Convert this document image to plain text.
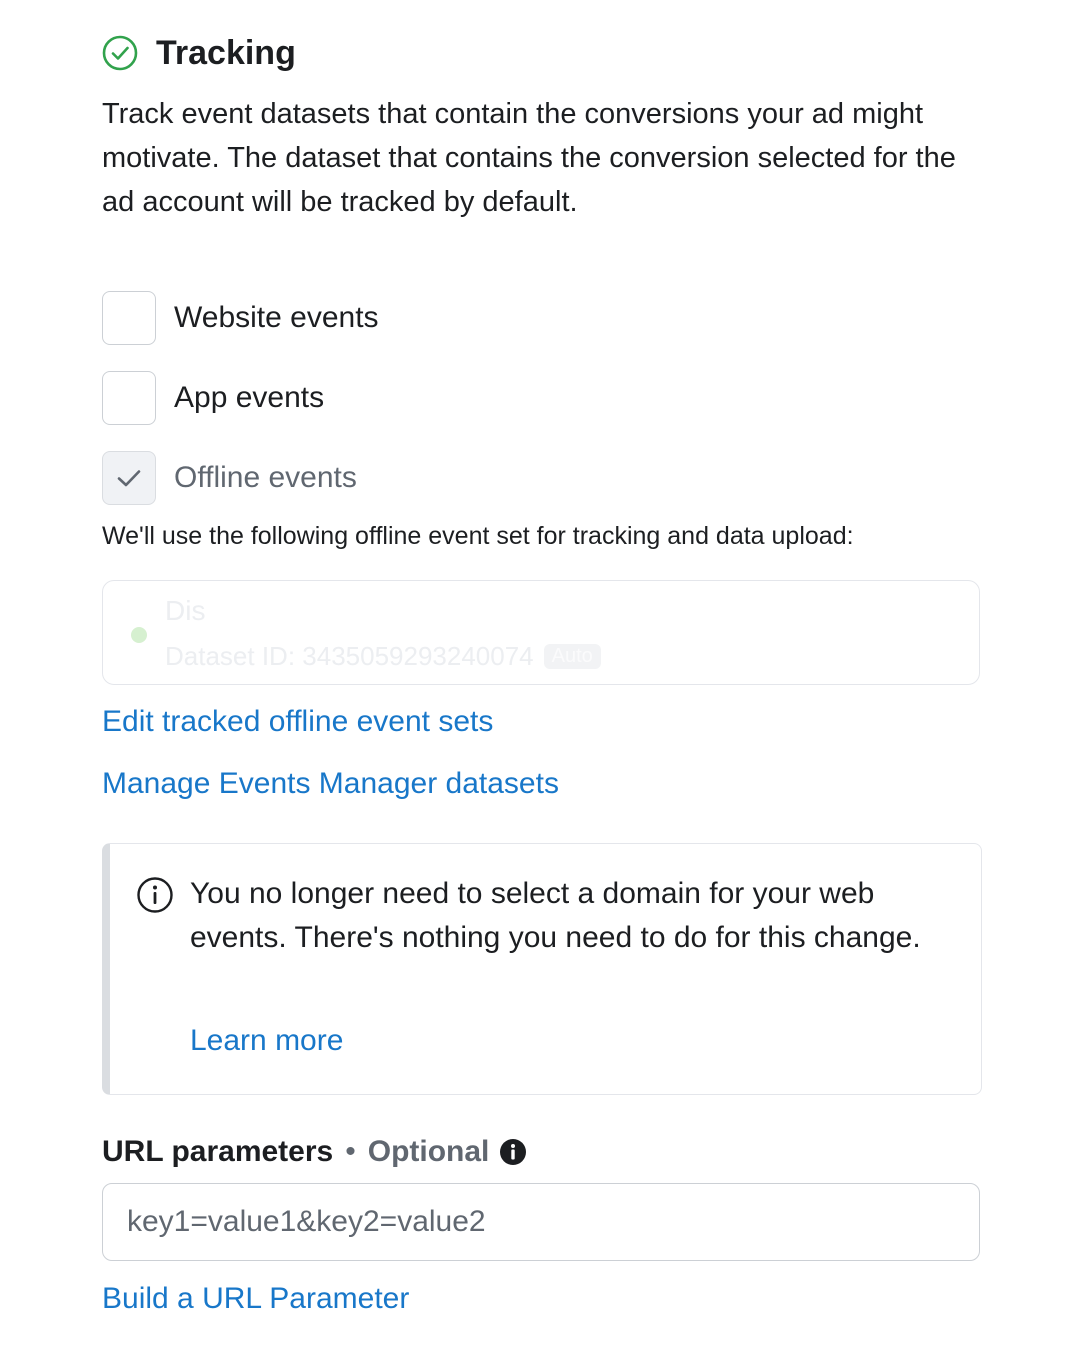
Tracking
Track event datasets that contain the conversions your ad might motivate. The dataset that contains the conversion selected for the ad account will be tracked by default.
Website events
App events
Offline events
We'll use the following offline event set for tracking and data upload:
Dis
Dataset ID: 3435059293240074 Auto
Edit tracked offline event sets
Manage Events Manager datasets
You no longer need to select a domain for your web events. There's nothing you need to do for this change.
Learn more
URL parameters • Optional
key1=value1&key2=value2
Build a URL Parameter
